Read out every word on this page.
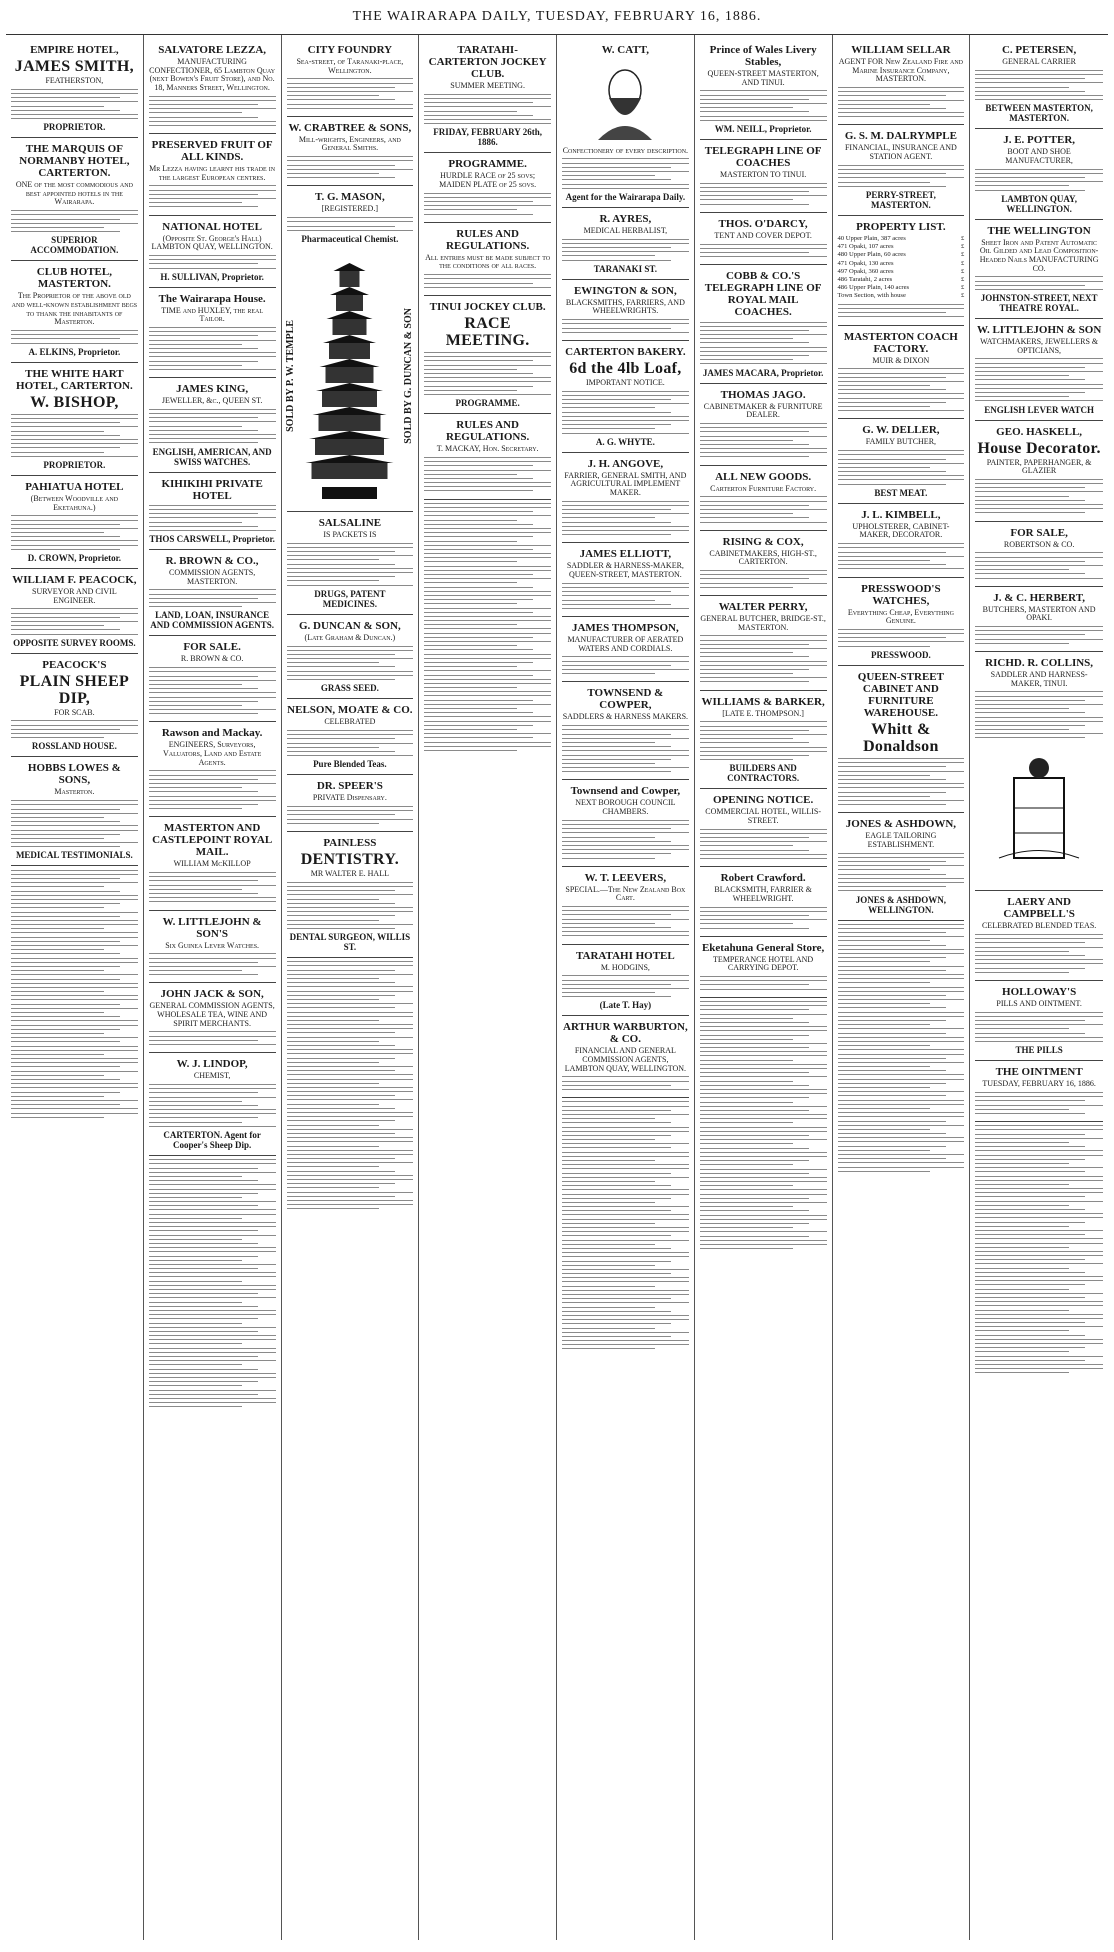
THE WAIRARAPA DAILY, TUESDAY, FEBRUARY 16, 1886.
EMPIRE HOTEL,
JAMES SMITH,
FEATHERSTON,
PROPRIETOR.
THE MARQUIS OF NORMANBY HOTEL, CARTERTON.
ONE of the most commodious and best appointed hotels in the Wairarapa.
SUPERIOR ACCOMMODATION.
CLUB HOTEL, MASTERTON.
The Proprietor of the above old and well-known establishment begs to thank the inhabitants of Masterton.
A. ELKINS, Proprietor.
THE WHITE HART HOTEL, CARTERTON.
W. BISHOP,
PROPRIETOR.
PAHIATUA HOTEL
(Between Woodville and Eketahuna.)
D. CROWN, Proprietor.
WILLIAM F. PEACOCK,
SURVEYOR AND CIVIL ENGINEER.
OPPOSITE SURVEY ROOMS.
PEACOCK'S
PLAIN SHEEP DIP,
FOR SCAB.
ROSSLAND HOUSE.
HOBBS LOWES & SONS,
Masterton.
MEDICAL TESTIMONIALS.
SALVATORE LEZZA,
MANUFACTURING CONFECTIONER, 65 Lambton Quay (next Bowen's Fruit Store), and No. 18, Manners Street, Wellington.
PRESERVED FRUIT OF ALL KINDS.
Mr Lezza having learnt his trade in the largest European centres.
NATIONAL HOTEL
(Opposite St. George's Hall) LAMBTON QUAY, WELLINGTON.
H. SULLIVAN, Proprietor.
The Wairarapa House.
TIME and HUXLEY, the real Tailor.
JAMES KING,
JEWELLER, &c., QUEEN ST.
ENGLISH, AMERICAN, AND SWISS WATCHES.
KIHIKIHI PRIVATE HOTEL
THOS CARSWELL, Proprietor.
R. BROWN & CO.,
COMMISSION AGENTS, MASTERTON.
LAND, LOAN, INSURANCE AND COMMISSION AGENTS.
FOR SALE.
R. BROWN & CO.
Rawson and Mackay.
ENGINEERS, Surveyors, Valuators, Land and Estate Agents.
MASTERTON AND CASTLEPOINT ROYAL MAIL.
WILLIAM McKILLOP
W. LITTLEJOHN & SON'S
Six Guinea Lever Watches.
JOHN JACK & SON,
GENERAL COMMISSION AGENTS, WHOLESALE TEA, WINE AND SPIRIT MERCHANTS.
W. J. LINDOP,
CHEMIST,
CARTERTON. Agent for Cooper's Sheep Dip.
CITY FOUNDRY
Sea-street, of Taranaki-place, Wellington.
W. CRABTREE & SONS,
Mill-wrights, Engineers, and General Smiths.
T. G. MASON,
[REGISTERED.]
Pharmaceutical Chemist.
SOLD BY P. W. TEMPLE	SOLD BY G. DUNCAN & SON
SALSALINE
IS PACKETS IS
DRUGS, PATENT MEDICINES.
G. DUNCAN & SON,
(Late Graham & Duncan.)
GRASS SEED.
NELSON, MOATE & CO.
CELEBRATED
Pure Blended Teas.
DR. SPEER'S
PRIVATE Dispensary.
PAINLESS
DENTISTRY.
MR WALTER E. HALL
DENTAL SURGEON, WILLIS ST.
TARATAHI-CARTERTON JOCKEY CLUB.
SUMMER MEETING.
FRIDAY, FEBRUARY 26th, 1886.
PROGRAMME.
HURDLE RACE of 25 sovs; MAIDEN PLATE of 25 sovs.
RULES AND REGULATIONS.
All entries must be made subject to the conditions of all races.
TINUI JOCKEY CLUB.
RACE MEETING.
PROGRAMME.
RULES AND REGULATIONS.
T. MACKAY, Hon. Secretary.
W. CATT,
Confectionery of every description.
Agent for the Wairarapa Daily.
R. AYRES,
MEDICAL HERBALIST,
TARANAKI ST.
EWINGTON & SON,
BLACKSMITHS, FARRIERS, AND WHEELWRIGHTS.
CARTERTON BAKERY.
6d the 4lb Loaf,
IMPORTANT NOTICE.
A. G. WHYTE.
J. H. ANGOVE,
FARRIER, GENERAL SMITH, AND AGRICULTURAL IMPLEMENT MAKER.
JAMES ELLIOTT,
SADDLER & HARNESS-MAKER, QUEEN-STREET, MASTERTON.
JAMES THOMPSON,
MANUFACTURER OF AERATED WATERS AND CORDIALS.
TOWNSEND & COWPER,
SADDLERS & HARNESS MAKERS.
Townsend and Cowper,
NEXT BOROUGH COUNCIL CHAMBERS.
W. T. LEEVERS,
SPECIAL.—The New Zealand Box Cart.
TARATAHI HOTEL
M. HODGINS,
(Late T. Hay)
ARTHUR WARBURTON, & CO.
FINANCIAL AND GENERAL COMMISSION AGENTS, LAMBTON QUAY, WELLINGTON.
Prince of Wales Livery Stables,
QUEEN-STREET MASTERTON, AND TINUI.
WM. NEILL, Proprietor.
TELEGRAPH LINE OF COACHES
MASTERTON TO TINUI.
THOS. O'DARCY,
TENT AND COVER DEPOT.
COBB & CO.'S TELEGRAPH LINE OF ROYAL MAIL COACHES.
JAMES MACARA, Proprietor.
THOMAS JAGO.
CABINETMAKER & FURNITURE DEALER.
ALL NEW GOODS.
Carterton Furniture Factory.
RISING & COX,
CABINETMAKERS, HIGH-ST., CARTERTON.
WALTER PERRY,
GENERAL BUTCHER, BRIDGE-ST., MASTERTON.
WILLIAMS & BARKER,
[LATE E. THOMPSON.]
BUILDERS AND CONTRACTORS.
OPENING NOTICE.
COMMERCIAL HOTEL, WILLIS-STREET.
Robert Crawford.
BLACKSMITH, FARRIER & WHEELWRIGHT.
Eketahuna General Store,
TEMPERANCE HOTEL AND CARRYING DEPOT.
WILLIAM SELLAR
AGENT FOR New Zealand Fire and Marine Insurance Company, MASTERTON.
G. S. M. DALRYMPLE
FINANCIAL, INSURANCE AND STATION AGENT.
PERRY-STREET, MASTERTON.
PROPERTY LIST.
40 Upper Plain, 387 acres	£
471 Opaki, 107 acres	£
480 Upper Plain, 60 acres	£
471 Opaki, 130 acres	£
497 Opaki, 360 acres	£
486 Taratahi, 2 acres	£
486 Upper Plain, 140 acres	£
Town Section, with house	£
MASTERTON COACH FACTORY.
MUIR & DIXON
G. W. DELLER,
FAMILY BUTCHER,
BEST MEAT.
J. L. KIMBELL,
UPHOLSTERER, CABINET-MAKER, DECORATOR.
PRESSWOOD'S WATCHES,
Everything Cheap, Everything Genuine.
PRESSWOOD.
QUEEN-STREET CABINET AND FURNITURE WAREHOUSE.
Whitt & Donaldson
JONES & ASHDOWN,
EAGLE TAILORING ESTABLISHMENT.
JONES & ASHDOWN, WELLINGTON.
C. PETERSEN,
GENERAL CARRIER
BETWEEN MASTERTON, MASTERTON.
J. E. POTTER,
BOOT AND SHOE MANUFACTURER,
LAMBTON QUAY, WELLINGTON.
THE WELLINGTON
Sheet Iron and Patent Automatic Oil Gilded and Lead Composition-Headed Nails MANUFACTURING CO.
JOHNSTON-STREET, NEXT THEATRE ROYAL.
W. LITTLEJOHN & SON
WATCHMAKERS, JEWELLERS & OPTICIANS,
ENGLISH LEVER WATCH
GEO. HASKELL,
House Decorator.
PAINTER, PAPERHANGER, & GLAZIER
FOR SALE,
ROBERTSON & CO.
J. & C. HERBERT,
BUTCHERS, MASTERTON AND OPAKI.
RICHD. R. COLLINS,
SADDLER AND HARNESS-MAKER, TINUI.
LAERY AND CAMPBELL'S
CELEBRATED BLENDED TEAS.
HOLLOWAY'S
PILLS AND OINTMENT.
THE PILLS
THE OINTMENT
TUESDAY, FEBRUARY 16, 1886.
